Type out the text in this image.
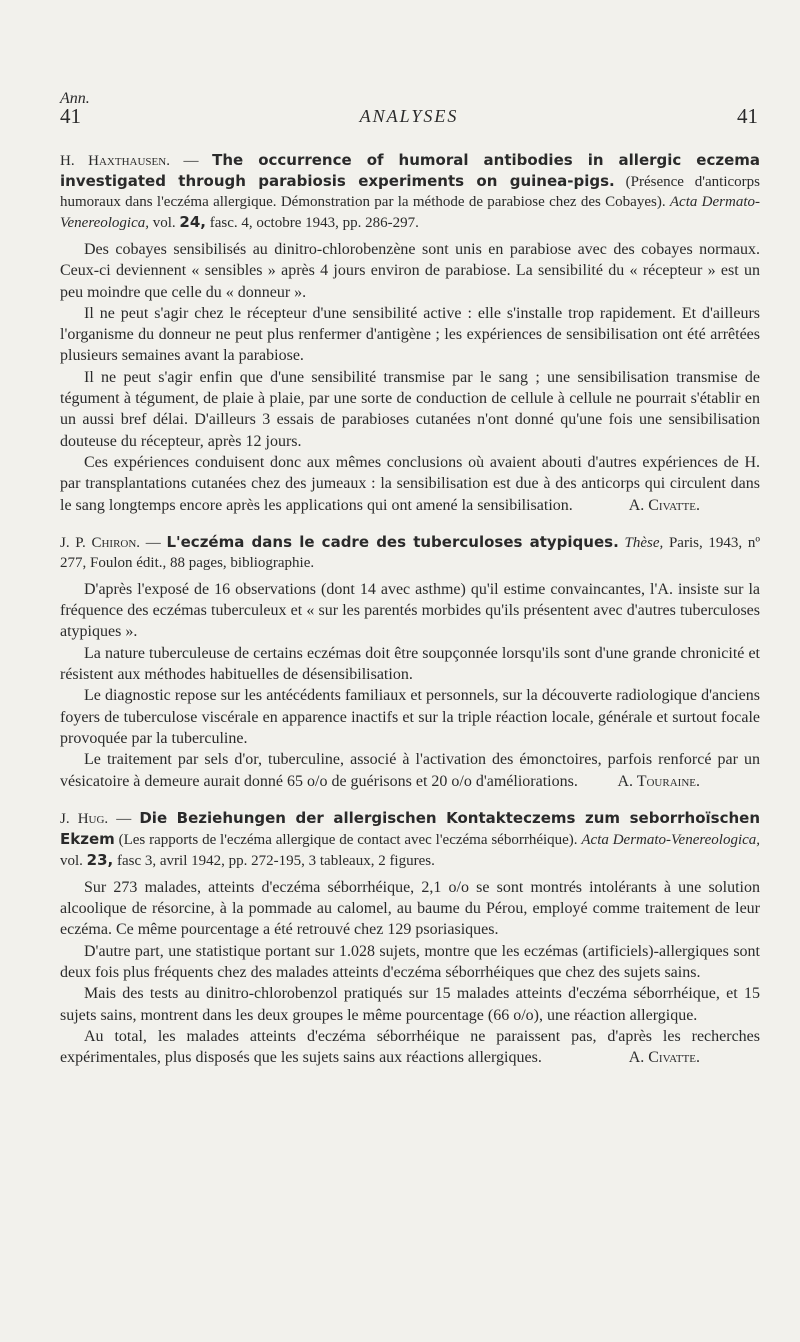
Ann.
41	ANALYSES	41
H. Haxthausen. — The occurrence of humoral antibodies in allergic eczema investigated through parabiosis experiments on guinea-pigs. (Présence d'anticorps humoraux dans l'eczéma allergique. Démonstration par la méthode de parabiose chez des Cobayes). Acta Dermato-Venereologica, vol. 24, fasc. 4, octobre 1943, pp. 286-297.

Des cobayes sensibilisés au dinitro-chlorobenzène sont unis en parabiose avec des cobayes normaux. Ceux-ci deviennent « sensibles » après 4 jours environ de parabiose. La sensibilité du « récepteur » est un peu moindre que celle du « donneur ».

Il ne peut s'agir chez le récepteur d'une sensibilité active : elle s'installe trop rapidement. Et d'ailleurs l'organisme du donneur ne peut plus renfermer d'antigène ; les expériences de sensibilisation ont été arrêtées plusieurs semaines avant la parabiose.

Il ne peut s'agir enfin que d'une sensibilité transmise par le sang ; une sensibilisation transmise de tégument à tégument, de plaie à plaie, par une sorte de conduction de cellule à cellule ne pourrait s'établir en un aussi bref délai. D'ailleurs 3 essais de parabioses cutanées n'ont donné qu'une fois une sensibilisation douteuse du récepteur, après 12 jours.

Ces expériences conduisent donc aux mêmes conclusions où avaient abouti d'autres expériences de H. par transplantations cutanées chez des jumeaux : la sensibilisation est due à des anticorps qui circulent dans le sang longtemps encore après les applications qui ont amené la sensibilisation.	A. Civatte.

J. P. Chiron. — L'eczéma dans le cadre des tuberculoses atypiques. Thèse, Paris, 1943, nº 277, Foulon édit., 88 pages, bibliographie.

D'après l'exposé de 16 observations (dont 14 avec asthme) qu'il estime convaincantes, l'A. insiste sur la fréquence des eczémas tuberculeux et « sur les parentés morbides qu'ils présentent avec d'autres tuberculoses atypiques ».

La nature tuberculeuse de certains eczémas doit être soupçonnée lorsqu'ils sont d'une grande chronicité et résistent aux méthodes habituelles de désensibilisation.

Le diagnostic repose sur les antécédents familiaux et personnels, sur la découverte radiologique d'anciens foyers de tuberculose viscérale en apparence inactifs et sur la triple réaction locale, générale et surtout focale provoquée par la tuberculine.

Le traitement par sels d'or, tuberculine, associé à l'activation des émonctoires, parfois renforcé par un vésicatoire à demeure aurait donné 65 o/o de guérisons et 20 o/o d'améliorations.	A. Touraine.

J. Hug. — Die Beziehungen der allergischen Kontakteczems zum seborrhoïschen Ekzem (Les rapports de l'eczéma allergique de contact avec l'eczéma séborrhéique). Acta Dermato-Venereologica, vol. 23, fasc 3, avril 1942, pp. 272-195, 3 tableaux, 2 figures.

Sur 273 malades, atteints d'eczéma séborrhéique, 2,1 o/o se sont montrés intolérants à une solution alcoolique de résorcine, à la pommade au calomel, au baume du Pérou, employé comme traitement de leur eczéma. Ce même pourcentage a été retrouvé chez 129 psoriasiques.

D'autre part, une statistique portant sur 1.028 sujets, montre que les eczémas (artificiels)-allergiques sont deux fois plus fréquents chez des malades atteints d'eczéma séborrhéiques que chez des sujets sains.

Mais des tests au dinitro-chlorobenzol pratiqués sur 15 malades atteints d'eczéma séborrhéique, et 15 sujets sains, montrent dans les deux groupes le même pourcentage (66 o/o), une réaction allergique.

Au total, les malades atteints d'eczéma séborrhéique ne paraissent pas, d'après les recherches expérimentales, plus disposés que les sujets sains aux réactions allergiques.	A. Civatte.
